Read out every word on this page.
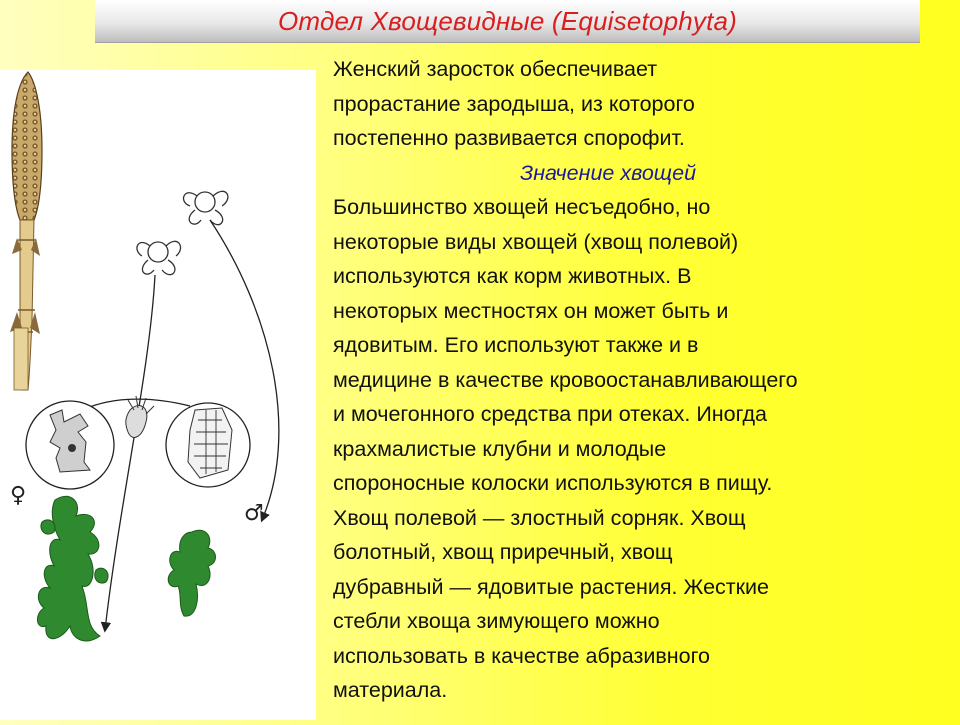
Отдел Хвощевидные (Equisetophyta)
♀
♂

Женский заросток обеспечивает

прорастание зародыша, из которого

постепенно развивается спорофит.

Значение хвощей

Большинство хвощей несъедобно, но

некоторые виды хвощей (хвощ полевой)

используются как корм животных. В

некоторых местностях он может быть и

ядовитым. Его используют также и в

медицине в качестве кровоостанавливающего

и мочегонного средства при отеках. Иногда

крахмалистые клубни и молодые

спороносные колоски используются в пищу.

Хвощ полевой — злостный сорняк. Хвощ

болотный, хвощ приречный, хвощ

дубравный — ядовитые растения. Жесткие

стебли хвоща зимующего можно

использовать в качестве абразивного

материала.
